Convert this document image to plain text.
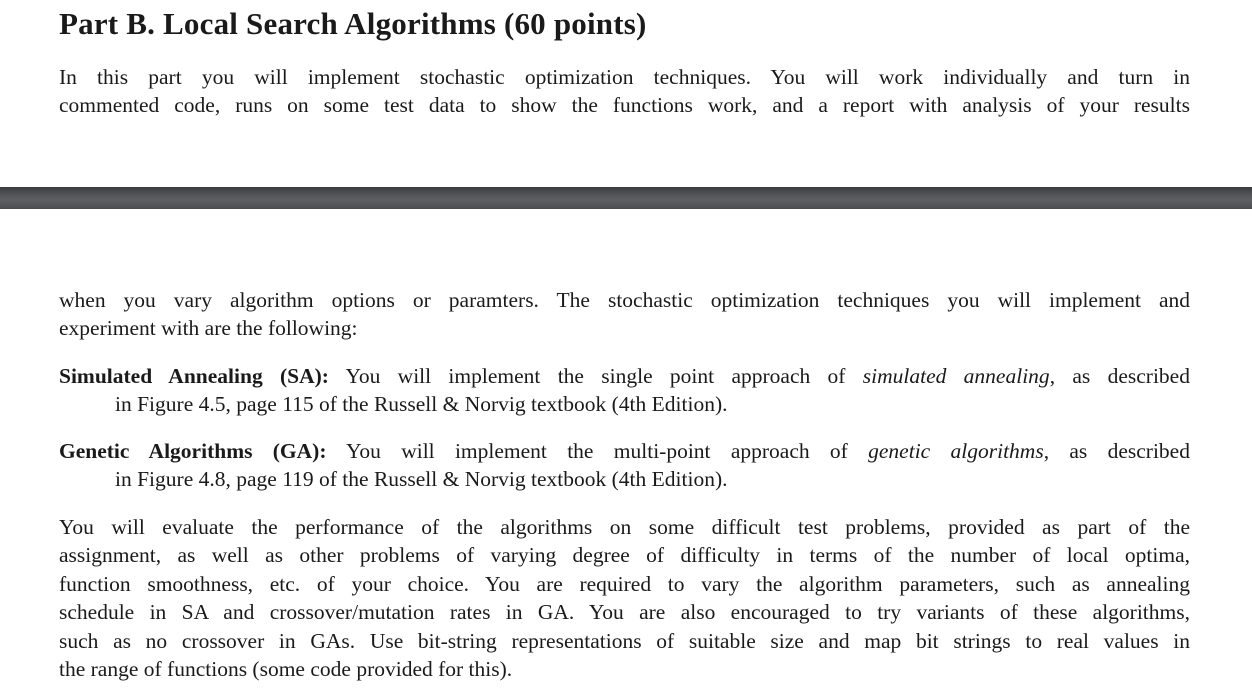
Part B. Local Search Algorithms (60 points)

In this part you will implement stochastic optimization techniques. You will work individually and turn in
commented code, runs on some test data to show the functions work, and a report with analysis of your results

when you vary algorithm options or paramters. The stochastic optimization techniques you will implement and
experiment with are the following:

Simulated Annealing (SA): You will implement the single point approach of simulated annealing, as described
in Figure 4.5, page 115 of the Russell & Norvig textbook (4th Edition).
Genetic Algorithms (GA): You will implement the multi-point approach of genetic algorithms, as described
in Figure 4.8, page 119 of the Russell & Norvig textbook (4th Edition).

You will evaluate the performance of the algorithms on some difficult test problems, provided as part of the
assignment, as well as other problems of varying degree of difficulty in terms of the number of local optima,
function smoothness, etc. of your choice. You are required to vary the algorithm parameters, such as annealing
schedule in SA and crossover/mutation rates in GA. You are also encouraged to try variants of these algorithms,
such as no crossover in GAs. Use bit-string representations of suitable size and map bit strings to real values in
the range of functions (some code provided for this).
